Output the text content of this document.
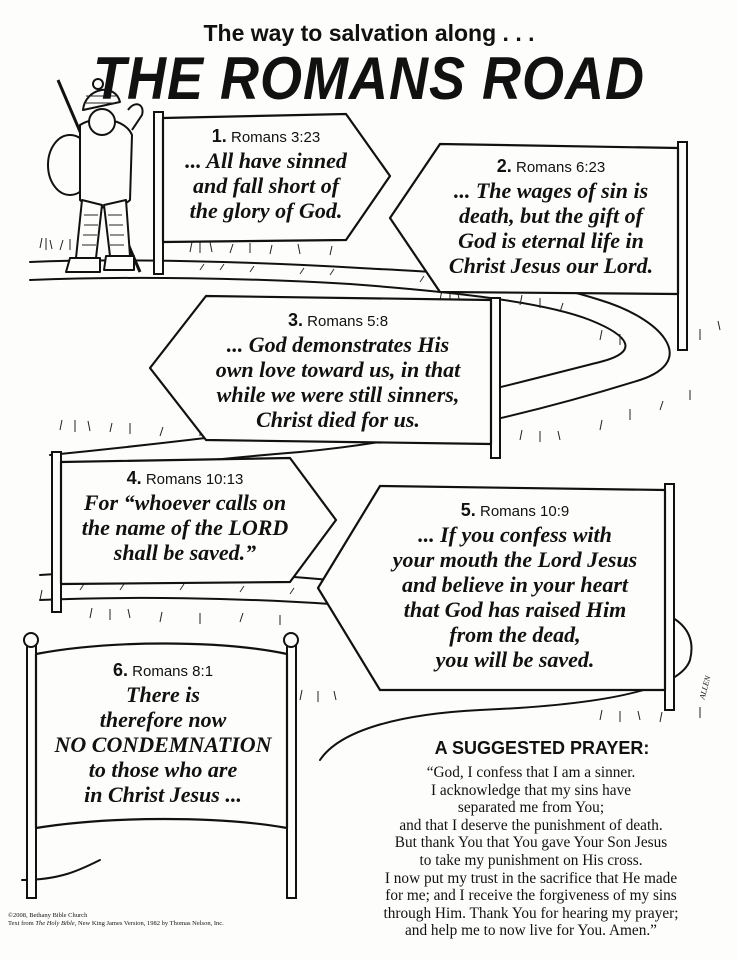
The way to salvation along . . .
THE ROMANS ROAD
1. Romans 3:23
... All have sinned
and fall short of
the glory of God.
2. Romans 6:23
... The wages of sin is
death, but the gift of
God is eternal life in
Christ Jesus our Lord.
3. Romans 5:8
... God demonstrates His
own love toward us, in that
while we were still sinners,
Christ died for us.
4. Romans 10:13
For “whoever calls on
the name of the LORD
shall be saved.”
5. Romans 10:9
... If you confess with
your mouth the Lord Jesus
and believe in your heart
that God has raised Him
from the dead,
you will be saved.
6. Romans 8:1
There is
therefore now
NO CONDEMNATION
to those who are
in Christ Jesus ...
A SUGGESTED PRAYER:
“God, I confess that I am a sinner.
I acknowledge that my sins have
separated me from You;
and that I deserve the punishment of death.
But thank You that You gave Your Son Jesus
to take my punishment on His cross.
I now put my trust in the sacrifice that He made
for me; and I receive the forgiveness of my sins
through Him. Thank You for hearing my prayer;
and help me to now live for You. Amen.”
©2008, Bethany Bible Church
Text from The Holy Bible, New King James Version, 1982 by Thomas Nelson, Inc.
ALLEN
